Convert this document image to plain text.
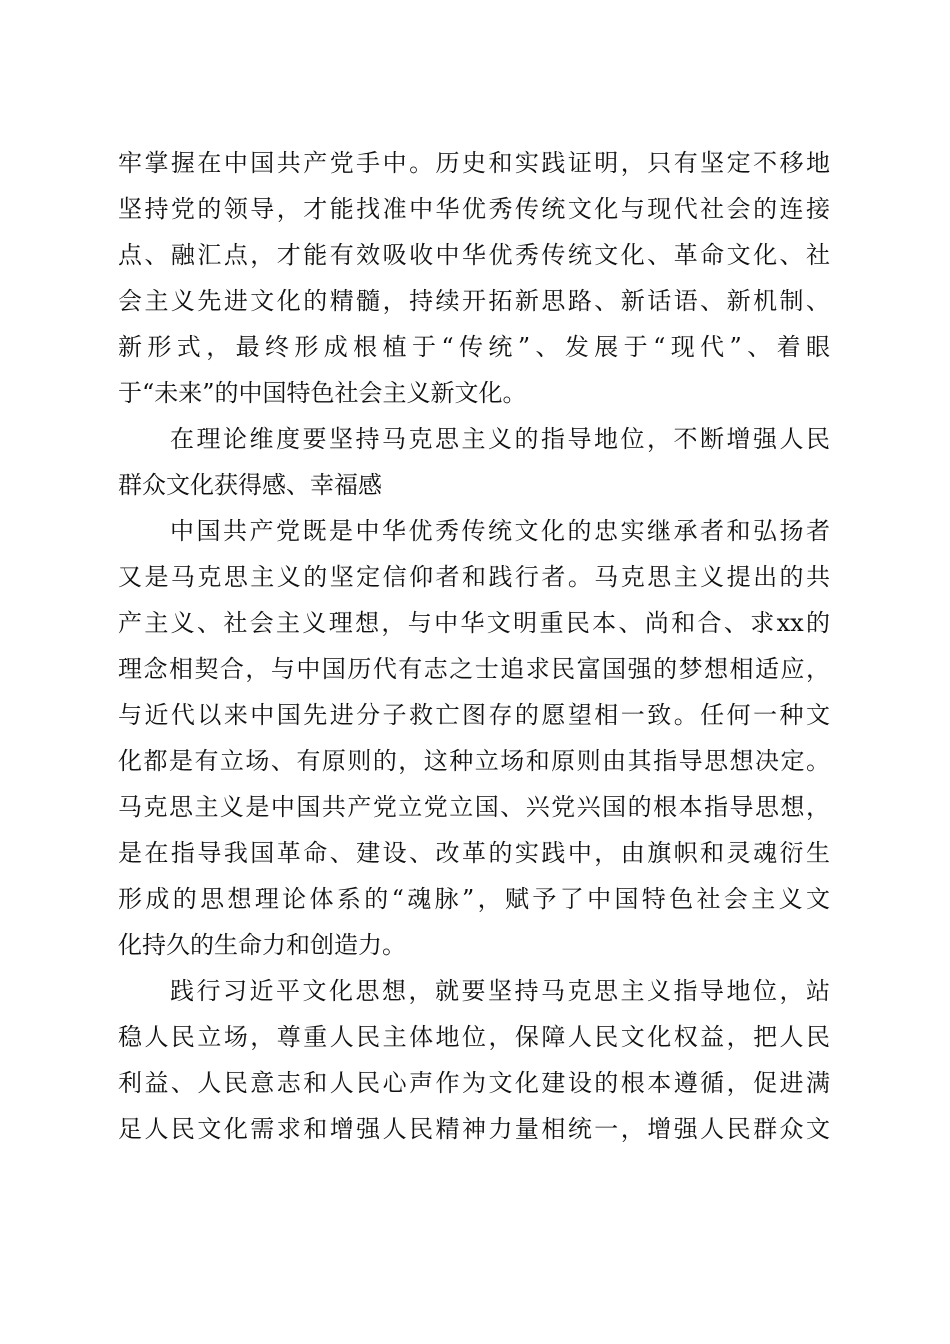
牢掌握在中国共产党手中。历史和实践证明，只有坚定不移地
坚持党的领导，才能找准中华优秀传统文化与现代社会的连接
点、融汇点，才能有效吸收中华优秀传统文化、革命文化、社
会主义先进文化的精髓，持续开拓新思路、新话语、新机制、
新形式，最终形成根植于“传统”、发展于“现代”、着眼
于“未来”的中国特色社会主义新文化。
在理论维度要坚持马克思主义的指导地位，不断增强人民
群众文化获得感、幸福感
中国共产党既是中华优秀传统文化的忠实继承者和弘扬者
又是马克思主义的坚定信仰者和践行者。马克思主义提出的共
产主义、社会主义理想，与中华文明重民本、尚和合、求xx的
理念相契合，与中国历代有志之士追求民富国强的梦想相适应，
与近代以来中国先进分子救亡图存的愿望相一致。任何一种文
化都是有立场、有原则的，这种立场和原则由其指导思想决定。
马克思主义是中国共产党立党立国、兴党兴国的根本指导思想，
是在指导我国革命、建设、改革的实践中，由旗帜和灵魂衍生
形成的思想理论体系的“魂脉”，赋予了中国特色社会主义文
化持久的生命力和创造力。
践行习近平文化思想，就要坚持马克思主义指导地位，站
稳人民立场，尊重人民主体地位，保障人民文化权益，把人民
利益、人民意志和人民心声作为文化建设的根本遵循，促进满
足人民文化需求和增强人民精神力量相统一，增强人民群众文
